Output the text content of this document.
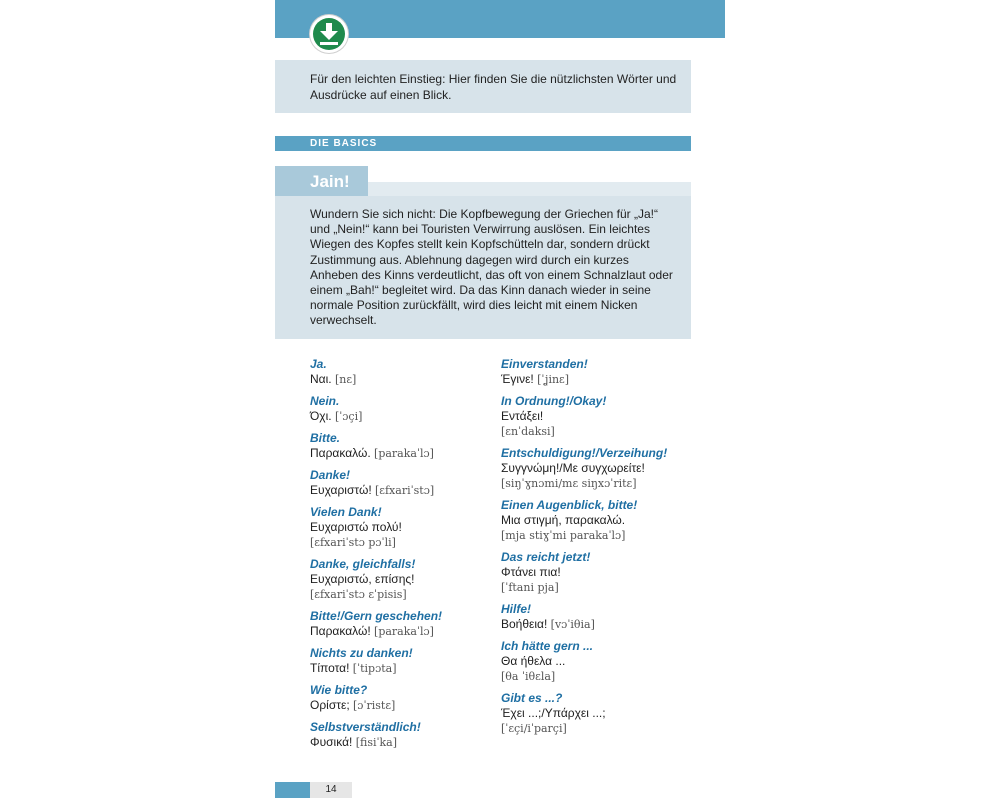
Für den leichten Einstieg: Hier finden Sie die nützlichsten Wörter und Ausdrücke auf einen Blick.
DIE BASICS
Wundern Sie sich nicht: Die Kopfbewegung der Griechen für „Ja!“ und „Nein!“ kann bei Touristen Verwirrung auslösen. Ein leichtes Wiegen des Kopfes stellt kein Kopfschütteln dar, sondern drückt Zustimmung aus. Ablehnung dagegen wird durch ein kurzes Anheben des Kinns verdeutlicht, das oft von einem Schnalzlaut oder einem „Bah!“ begleitet wird. Da das Kinn danach wieder in seine normale Position zurückfällt, wird dies leicht mit einem Nicken verwechselt.
Jain!
Ja.
Ναι. [nɛ]
Nein.
Όχι. [ˈɔçi]
Bitte.
Παρακαλώ. [parakaˈlɔ]
Danke!
Ευχαριστώ! [ɛfxariˈstɔ]
Vielen Dank!
Ευχαριστώ πολύ!
[ɛfxariˈstɔ pɔˈli]
Danke, gleichfalls!
Ευχαριστώ, επίσης!
[ɛfxariˈstɔ ɛˈpisis]
Bitte!/Gern geschehen!
Παρακαλώ! [parakaˈlɔ]
Nichts zu danken!
Τίποτα! [ˈtipɔta]
Wie bitte?
Ορίστε; [ɔˈristɛ]
Selbstverständlich!
Φυσικά! [fisiˈka]
Einverstanden!
Έγινε! [ˈʝinɛ]
In Ordnung!/Okay!
Εντάξει!
[ɛnˈdaksi]
Entschuldigung!/Verzeihung!
Συγγνώμη!/Με συγχωρείτε!
[siŋˈɣnɔmi/mɛ siŋxɔˈritɛ]
Einen Augenblick, bitte!
Μια στιγμή, παρακαλώ.
[mja stiɣˈmi parakaˈlɔ]
Das reicht jetzt!
Φτάνει πια!
[ˈftani pja]
Hilfe!
Βοήθεια! [vɔˈiθia]
Ich hätte gern ...
Θα ήθελα ...
[θa ˈiθɛla]
Gibt es ...?
Έχει ...;/Υπάρχει ...;
[ˈɛçi/iˈparçi]
14
